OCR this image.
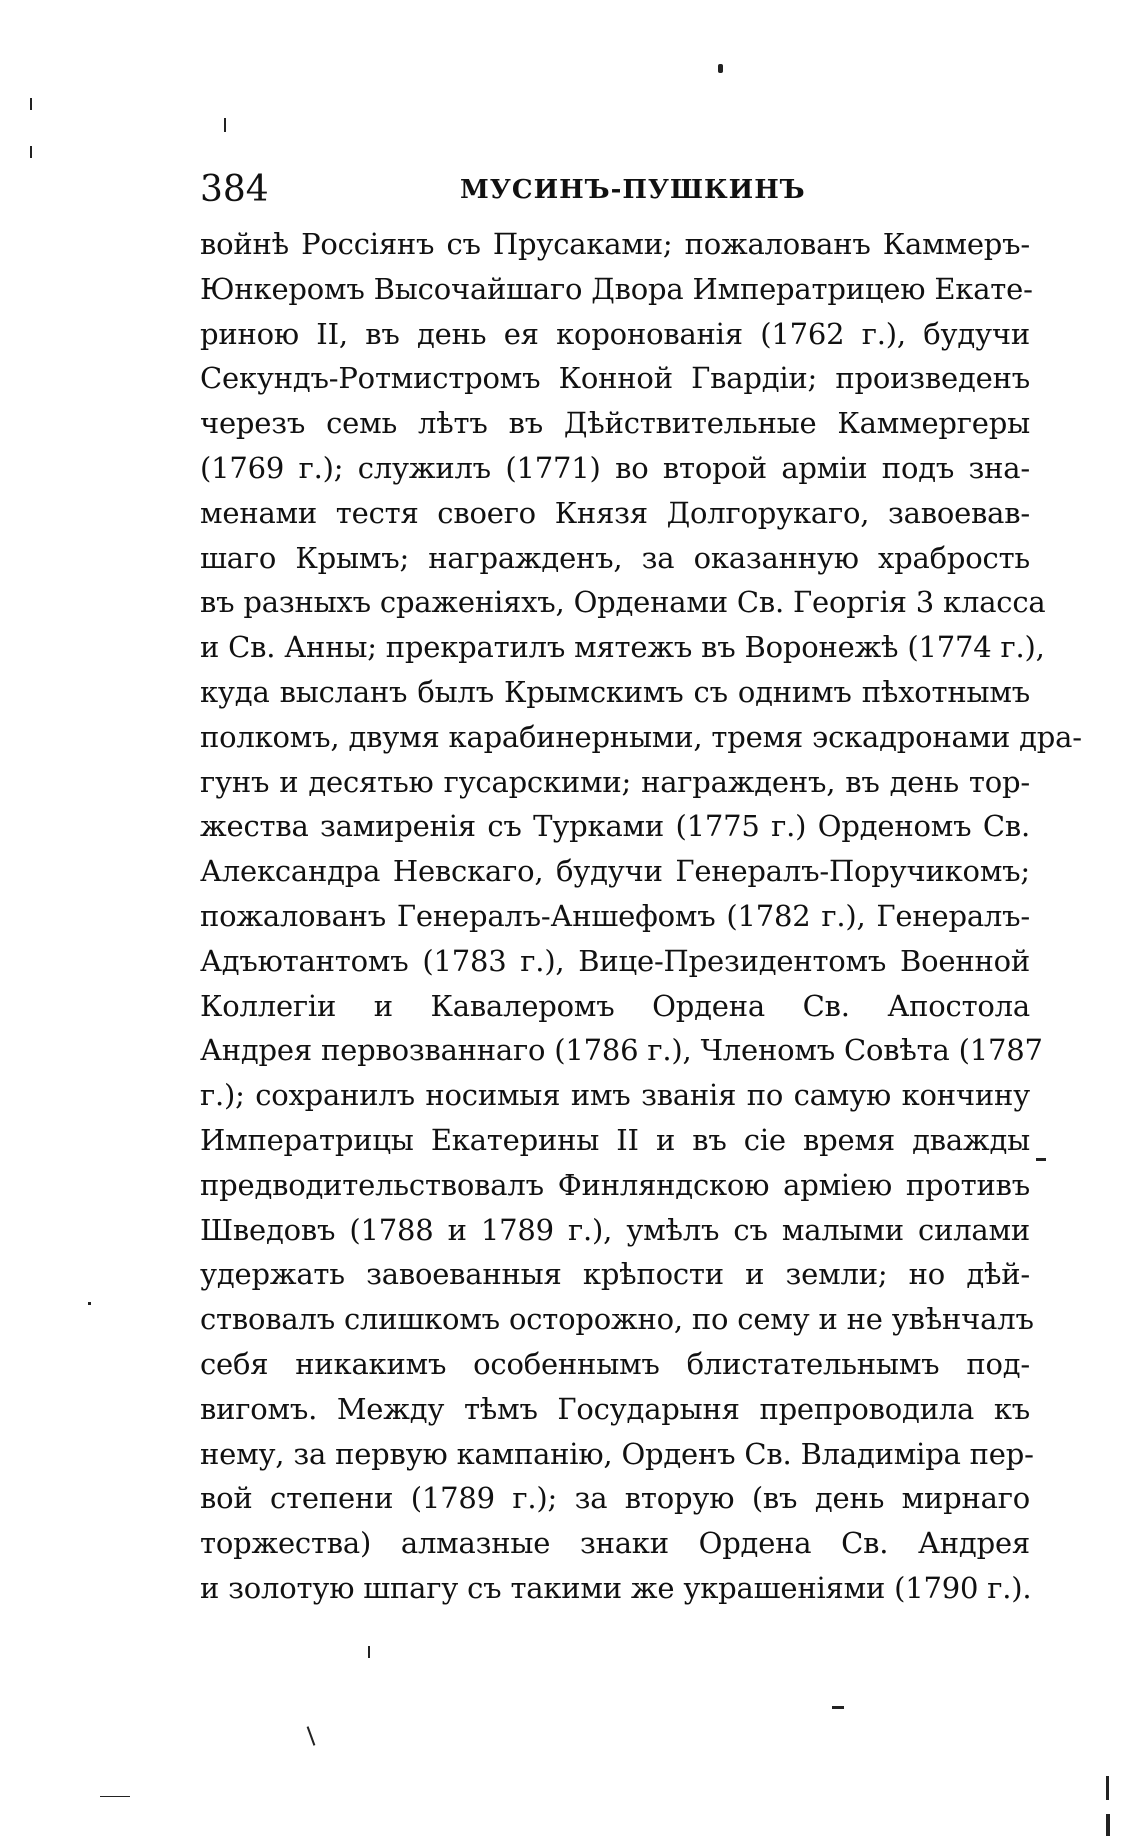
384	МУСИНЪ-ПУШКИНЪ
войнѣ Россіянъ съ Прусаками; пожалованъ Каммеръ-
Юнкеромъ Высочайшаго Двора Императрицею Екате-
риною II, въ день ея коронованія (1762 г.), будучи
Секундъ-Ротмистромъ Конной Гвардіи; произведенъ
черезъ семь лѣтъ въ Дѣйствительные Каммергеры
(1769 г.); служилъ (1771) во второй арміи подъ зна-
менами тестя своего Князя Долгорукаго, завоевав-
шаго Крымъ; награжденъ, за оказанную храбрость
въ разныхъ сраженіяхъ, Орденами Св. Георгія 3 класса
и Св. Анны; прекратилъ мятежъ въ Воронежѣ (1774 г.),
куда высланъ былъ Крымскимъ съ однимъ пѣхотнымъ
полкомъ, двумя карабинерными, тремя эскадронами дра-
гунъ и десятью гусарскими; награжденъ, въ день тор-
жества замиренія съ Турками (1775 г.) Орденомъ Св.
Александра Невскаго, будучи Генералъ-Поручикомъ;
пожалованъ Генералъ-Аншефомъ (1782 г.), Генералъ-
Адъютантомъ (1783 г.), Вице-Президентомъ Военной
Коллегіи и Кавалеромъ Ордена Св. Апостола
Андрея первозваннаго (1786 г.), Членомъ Совѣта (1787
г.); сохранилъ носимыя имъ званія по самую кончину
Императрицы Екатерины II и въ сіе время дважды
предводительствовалъ Финляндскою арміею противъ
Шведовъ (1788 и 1789 г.), умѣлъ съ малыми силами
удержать завоеванныя крѣпости и земли; но дѣй-
ствовалъ слишкомъ осторожно, по сему и не увѣнчалъ
себя никакимъ особеннымъ блистательнымъ под-
вигомъ. Между тѣмъ Государыня препроводила къ
нему, за первую кампанію, Орденъ Св. Владиміра пер-
вой степени (1789 г.); за вторую (въ день мирнаго
торжества) алмазные знаки Ордена Св. Андрея
и золотую шпагу съ такими же украшеніями (1790 г.).
